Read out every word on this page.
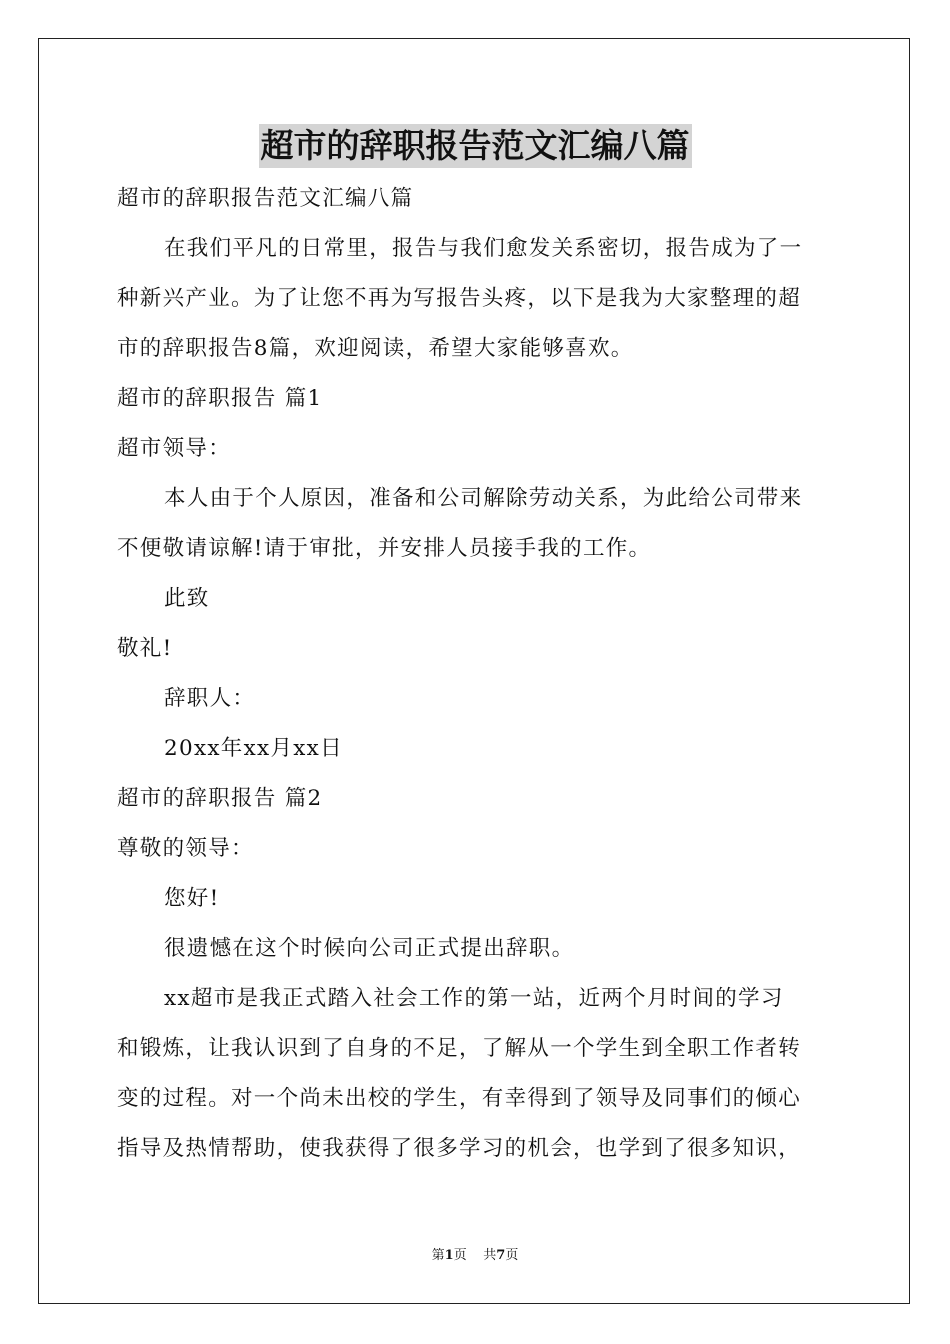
超市的辞职报告范文汇编八篇
超市的辞职报告范文汇编八篇
在我们平凡的日常里，报告与我们愈发关系密切，报告成为了一
种新兴产业。为了让您不再为写报告头疼，以下是我为大家整理的超
市的辞职报告8篇，欢迎阅读，希望大家能够喜欢。
超市的辞职报告 篇1
超市领导：
本人由于个人原因，准备和公司解除劳动关系，为此给公司带来
不便敬请谅解!请于审批，并安排人员接手我的工作。
此致
敬礼!
辞职人：
20xx年xx月xx日
超市的辞职报告 篇2
尊敬的领导：
您好!
很遗憾在这个时候向公司正式提出辞职。
xx超市是我正式踏入社会工作的第一站，近两个月时间的学习
和锻炼，让我认识到了自身的不足，了解从一个学生到全职工作者转
变的过程。对一个尚未出校的学生，有幸得到了领导及同事们的倾心
指导及热情帮助，使我获得了很多学习的机会，也学到了很多知识，
第1页 共7页
